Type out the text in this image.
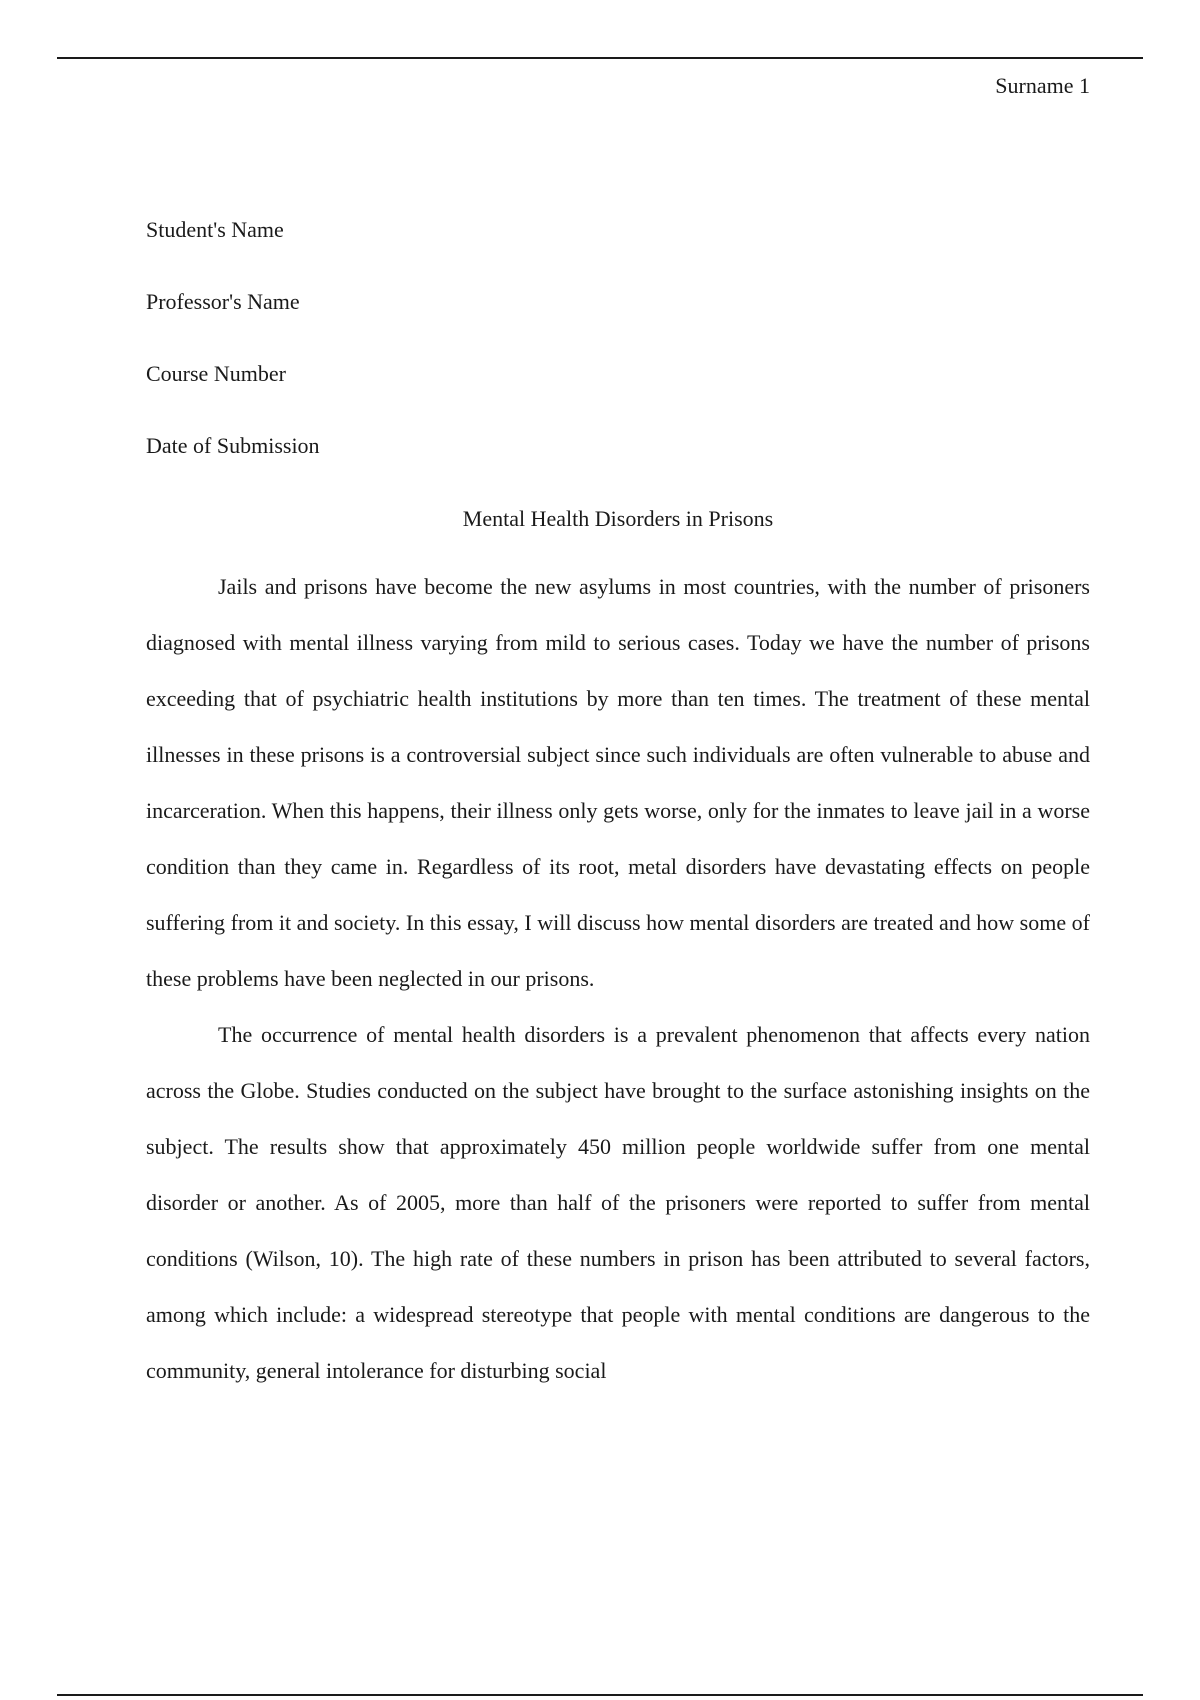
Surname 1
Student's Name
Professor's Name
Course Number
Date of Submission
Mental Health Disorders in Prisons

Jails and prisons have become the new asylums in most countries, with the number of prisoners diagnosed with mental illness varying from mild to serious cases. Today we have the number of prisons exceeding that of psychiatric health institutions by more than ten times. The treatment of these mental illnesses in these prisons is a controversial subject since such individuals are often vulnerable to abuse and incarceration. When this happens, their illness only gets worse, only for the inmates to leave jail in a worse condition than they came in. Regardless of its root, metal disorders have devastating effects on people suffering from it and society. In this essay, I will discuss how mental disorders are treated and how some of these problems have been neglected in our prisons.

The occurrence of mental health disorders is a prevalent phenomenon that affects every nation across the Globe. Studies conducted on the subject have brought to the surface astonishing insights on the subject. The results show that approximately 450 million people worldwide suffer from one mental disorder or another. As of 2005, more than half of the prisoners were reported to suffer from mental conditions (Wilson, 10). The high rate of these numbers in prison has been attributed to several factors, among which include: a widespread stereotype that people with mental conditions are dangerous to the community, general intolerance for disturbing social
